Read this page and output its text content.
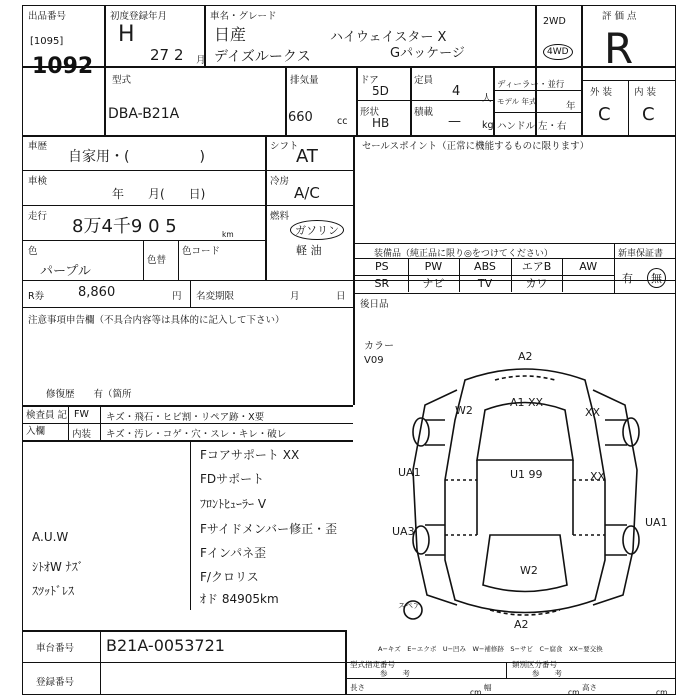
出品番号
[1095]
1092
初度登録年月
H
27 2 月
車名・グレード
日産
デイズルークス
ハイウェイスター X
Gパッケージ
2WD
4WD
評 価 点
R
型式
DBA-B21A
排気量
660	cc
ドア
5D
定員
4 人
ディーラー・並行
モデル 年式	年
形状
HB
積載
— kg ハンドル 左・右
外 装
C
内 装
C
車歴
自家用・(　　　　　)
シフト
AT	セールスポイント（正常に機能するものに限ります）
車検
年　　月(　　日)
冷房
A/C
走行 8万4千9 0 5	km
燃料
ガソリン
軽 油
色
パープル
色替
色コード
R券	8,860	円 名変期限	月	日
注意事項申告欄（不具合内容等は具体的に記入して下さい）
修復歴　　有（箇所
装備品（純正品に限り◎をつけてください）	新車保証書
有	無
PS	PW	ABS	エアB	AW
SR	ナビ	TV	カワ
後日品
検査員 記入欄
FW キズ・飛石・ヒビ割・リペア跡・X要
内装 キズ・汚レ・コゲ・穴・スレ・キレ・破レ
Fコアサポート XX
FDサポート
ﾌﾛﾝﾄﾋｭｰﾗｰ V
Fサイドメンバー修正・歪
Fインパネ歪
F/クロリス
ｵド 84905km
A.U.W
ｼﾄｵW ﾅｽﾞ
ｽﾂｯﾄﾞﾚｽ
カラー V09	A2
W2
A1 XX
XX
U1 99	XX
UA1
UA1
UA3
W2
A2
スペア
A−キズ　E−エクボ　U−凹み　W−補修跡　S−サビ　C−腐食　XX−要交換
車台番号 B21A-0053721
登録番号
型式指定番号
参　　考
類別区分番号
参　　考
長さ
cm
幅
cm
高さ
cm
